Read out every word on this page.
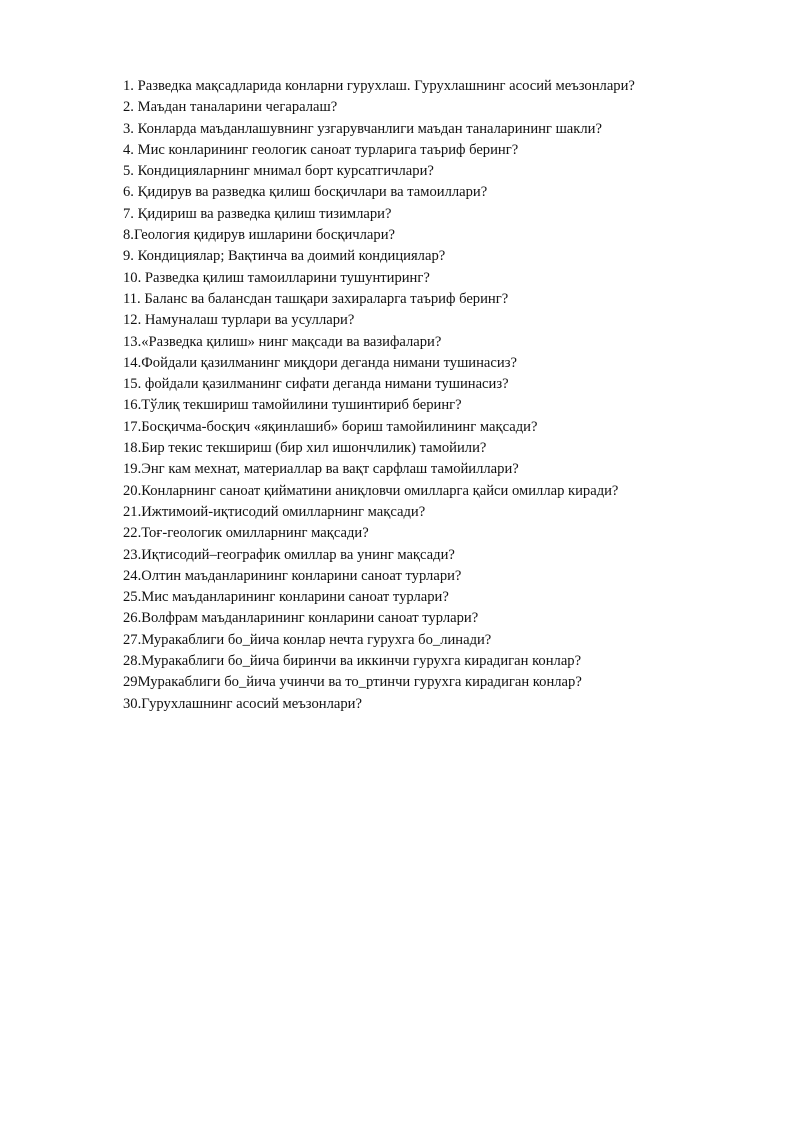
1. Разведка мақсадларида конларни гурухлаш. Гурухлашнинг асосий меъзонлари?
2. Маъдан таналарини чегаралаш?
3. Конларда маъданлашувнинг узгарувчанлиги маъдан таналарининг шакли?
4. Мис конларининг геологик саноат турларига таъриф беринг?
5. Кондицияларнинг мнимал борт курсатгичлари?
6. Қидирув ва разведка қилиш босқичлари ва тамоиллари?
7. Қидириш ва разведка қилиш тизимлари?
8.Геология қидирув ишларини босқичлари?
9. Кондициялар; Вақтинча ва доимий кондициялар?
10. Разведка қилиш тамоилларини тушунтиринг?
11. Баланс ва балансдан ташқари захираларга таъриф беринг?
12. Намуналаш турлари ва усуллари?
13.«Разведка қилиш» нинг мақсади ва вазифалари?
14.Фойдали қазилманинг миқдори деганда нимани тушинасиз?
15. фойдали қазилманинг сифати деганда нимани тушинасиз?
16.Тўлиқ текшириш тамойилини тушинтириб беринг?
17.Босқичма-босқич «яқинлашиб» бориш тамойилининг мақсади?
18.Бир текис текшириш (бир хил ишончлилик) тамойили?
19.Энг кам мехнат, материаллар ва вақт сарфлаш тамойиллари?
20.Конларнинг саноат қийматини аниқловчи омилларга қайси омиллар киради?
21.Ижтимоий-иқтисодий омилларнинг мақсади?
22.Тоғ-геологик омилларнинг мақсади?
23.Иқтисодий–географик омиллар ва унинг мақсади?
24.Олтин маъданларининг конларини саноат турлари?
25.Мис маъданларининг конларини саноат турлари?
26.Волфрам маъданларининг конларини саноат турлари?
27.Муракаблиги бо_йича конлар нечта гурухга бо_линади?
28.Муракаблиги бо_йича биринчи ва иккинчи гурухга кирадиган конлар?
29Муракаблиги бо_йича учинчи ва то_ртинчи гурухга кирадиган конлар?
30.Гурухлашнинг асосий меъзонлари?
